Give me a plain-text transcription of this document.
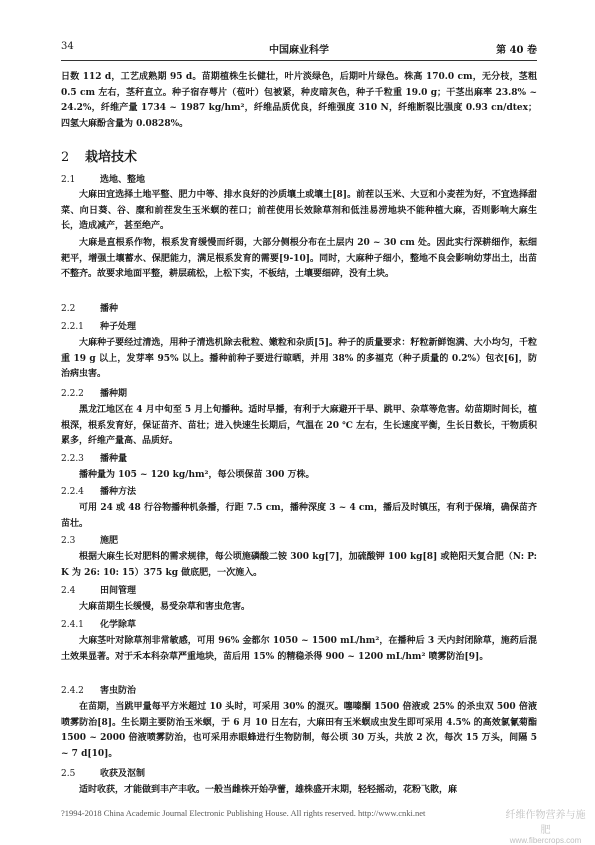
34	中国麻业科学	第 40 卷
日数 112 d，工艺成熟期 95 d。苗期植株生长健壮，叶片淡绿色，后期叶片绿色。株高 170.0 cm，无分枝，茎粗 0.5 cm 左右，茎秆直立。种子宿存萼片（苞叶）包被紧，种皮暗灰色，种子千粒重 19.0 g；干茎出麻率 23.8% ~ 24.2%，纤维产量 1734 ~ 1987 kg/hm²，纤维品质优良，纤维强度 310 N，纤维断裂比强度 0.93 cn/dtex；四氢大麻酚含量为 0.0828%。
2 栽培技术
2.1	选地、整地
大麻田宜选择土地平整、肥力中等、排水良好的沙质壤土或壤土[8]。前茬以玉米、大豆和小麦茬为好，不宜选择甜菜、向日葵、谷、糜和前茬发生玉米螟的茬口；前茬使用长效除草剂和低洼易涝地块不能种植大麻，否则影响大麻生长，造成减产，甚至绝产。
大麻是直根系作物，根系发育缓慢而纤弱，大部分侧根分布在土层内 20 ~ 30 cm 处。因此实行深耕细作，耘细耙平，增强土壤蓄水、保肥能力，满足根系发育的需要[9-10]。同时，大麻种子细小，整地不良会影响幼芽出土，出苗不整齐。故要求地面平整，耕层疏松，上松下实，不板结，土壤要细碎，没有土块。
2.2	播种
2.2.1 种子处理
大麻种子要经过清选，用种子清选机除去秕粒、嫩粒和杂质[5]。种子的质量要求：籽粒新鲜饱满、大小均匀，千粒重 19 g 以上，发芽率 95% 以上。播种前种子要进行晾晒，并用 38% 的多福克（种子质量的 0.2%）包衣[6]，防治病虫害。
2.2.2 播种期
黑龙江地区在 4 月中旬至 5 月上旬播种。适时早播，有利于大麻避开干旱、跳甲、杂草等危害。幼苗期时间长，植根深，根系发育好，保证苗齐、苗壮；进入快速生长期后，气温在 20 ℃ 左右，生长速度平衡，生长日数长，干物质积累多，纤维产量高、品质好。
2.2.3 播种量
播种量为 105 ~ 120 kg/hm²，每公顷保苗 300 万株。
2.2.4 播种方法
可用 24 或 48 行谷物播种机条播，行距 7.5 cm，播种深度 3 ~ 4 cm，播后及时镇压，有利于保墒，确保苗齐苗壮。
2.3	施肥
根据大麻生长对肥料的需求规律，每公顷施磷酸二铵 300 kg[7]，加硫酸钾 100 kg[8] 或艳阳天复合肥（N: P: K 为 26: 10: 15）375 kg 做底肥，一次施入。
2.4	田间管理
大麻苗期生长缓慢，易受杂草和害虫危害。
2.4.1 化学除草
大麻茎叶对除草剂非常敏感，可用 96% 金都尔 1050 ~ 1500 mL/hm²，在播种后 3 天内封闭除草，施药后混土效果显著。对于禾本科杂草严重地块，苗后用 15% 的精稳杀得 900 ~ 1200 mL/hm² 喷雾防治[9]。
2.4.2 害虫防治
在苗期，当跳甲量每平方米超过 10 头时，可采用 30% 的混灭。噻嗪酮 1500 倍液或 25% 的杀虫双 500 倍液喷雾防治[8]。生长期主要防治玉米螟，于 6 月 10 日左右，大麻田有玉米螟成虫发生即可采用 4.5% 的高效氯氰菊酯 1500 ~ 2000 倍液喷雾防治，也可采用赤眼蜂进行生物防制，每公顷 30 万头，共放 2 次，每次 15 万头，间隔 5 ~ 7 d[10]。
2.5	收获及沤制
适时收获，才能做到丰产丰收。一般当雌株开始孕蕾，雄株盛开末期，轻轻摇动，花粉飞散，麻
?1994-2018 China Academic Journal Electronic Publishing House. All rights reserved. http://www.cnki.net	纤维作物营养与施肥
www.fibercrops.com
